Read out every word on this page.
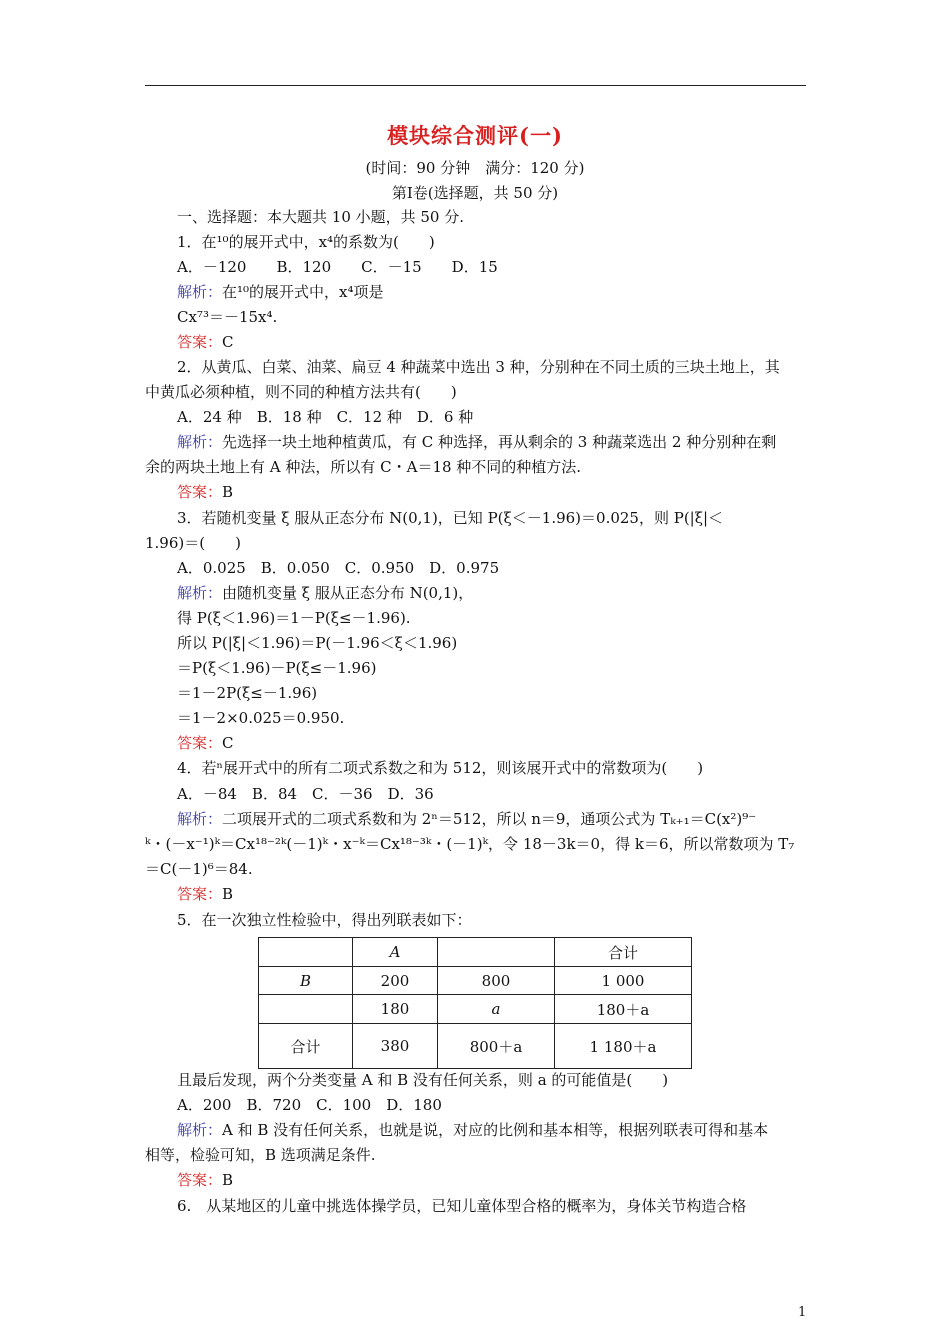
模块综合测评(一)
(时间：90 分钟　满分：120 分)
第Ⅰ卷(选择题，共 50 分)
一、选择题：本大题共 10 小题，共 50 分.
1．在¹⁰的展开式中，x⁴的系数为(　　)
A．－120　　B．120　　C．－15　　D．15
解析：在¹⁰的展开式中，x⁴项是
Cx⁷³＝－15x⁴.
答案：C
2．从黄瓜、白菜、油菜、扁豆 4 种蔬菜中选出 3 种，分别种在不同土质的三块土地上，其
中黄瓜必须种植，则不同的种植方法共有(　　)
A．24 种　B．18 种　C．12 种　D．6 种
解析：先选择一块土地种植黄瓜，有 C 种选择，再从剩余的 3 种蔬菜选出 2 种分别种在剩
余的两块土地上有 A 种法，所以有 C・A＝18 种不同的种植方法.
答案：B
3．若随机变量 ξ 服从正态分布 N(0,1)，已知 P(ξ＜－1.96)＝0.025，则 P(|ξ|＜
1.96)＝(　　)
A．0.025　B．0.050　C．0.950　D．0.975
解析：由随机变量 ξ 服从正态分布 N(0,1)，
得 P(ξ＜1.96)＝1－P(ξ≤－1.96).
所以 P(|ξ|＜1.96)＝P(－1.96＜ξ＜1.96)
＝P(ξ＜1.96)－P(ξ≤－1.96)
＝1－2P(ξ≤－1.96)
＝1－2×0.025＝0.950.
答案：C
4．若ⁿ展开式中的所有二项式系数之和为 512，则该展开式中的常数项为(　　)
A．－84　B．84　C．－36　D．36
解析：二项展开式的二项式系数和为 2ⁿ＝512，所以 n＝9，通项公式为 Tₖ₊₁＝C(x²)⁹⁻
ᵏ・(－x⁻¹)ᵏ＝Cx¹⁸⁻²ᵏ(－1)ᵏ・x⁻ᵏ＝Cx¹⁸⁻³ᵏ・(－1)ᵏ，令 18－3k＝0，得 k＝6，所以常数项为 T₇
＝C(－1)⁶＝84.
答案：B
5．在一次独立性检验中，得出列联表如下：
	A		合计
B	200	800	1 000
	180	a	180＋a
合计	380	800＋a	1 180＋a
且最后发现，两个分类变量 A 和 B 没有任何关系，则 a 的可能值是(　　)
A．200　B．720　C．100　D．180
解析：A 和 B 没有任何关系，也就是说，对应的比例和基本相等，根据列联表可得和基本
相等，检验可知，B 选项满足条件.
答案：B
6.　从某地区的儿童中挑选体操学员，已知儿童体型合格的概率为，身体关节构造合格
1
